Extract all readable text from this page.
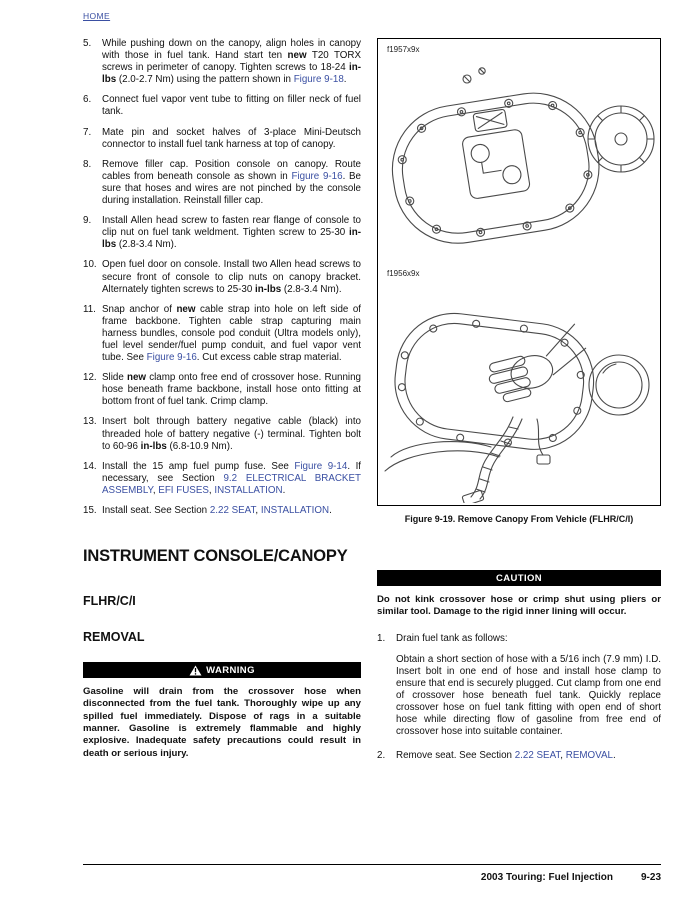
HOME
5. While pushing down on the canopy, align holes in canopy with those in fuel tank. Hand start ten new T20 TORX screws in perimeter of canopy. Tighten screws to 18-24 in-lbs (2.0-2.7 Nm) using the pattern shown in Figure 9-18.
6. Connect fuel vapor vent tube to fitting on filler neck of fuel tank.
7. Mate pin and socket halves of 3-place Mini-Deutsch connector to install fuel tank harness at top of canopy.
8. Remove filler cap. Position console on canopy. Route cables from beneath console as shown in Figure 9-16. Be sure that hoses and wires are not pinched by the console during installation. Reinstall filler cap.
9. Install Allen head screw to fasten rear flange of console to clip nut on fuel tank weldment. Tighten screw to 25-30 in-lbs (2.8-3.4 Nm).
10. Open fuel door on console. Install two Allen head screws to secure front of console to clip nuts on canopy bracket. Alternately tighten screws to 25-30 in-lbs (2.8-3.4 Nm).
11. Snap anchor of new cable strap into hole on left side of frame backbone. Tighten cable strap capturing main harness bundles, console pod conduit (Ultra models only), fuel level sender/fuel pump conduit, and fuel vapor vent tube. See Figure 9-16. Cut excess cable strap material.
12. Slide new clamp onto free end of crossover hose. Running hose beneath frame backbone, install hose onto fitting at bottom front of fuel tank. Crimp clamp.
13. Insert bolt through battery negative cable (black) into threaded hole of battery negative (-) terminal. Tighten bolt to 60-96 in-lbs (6.8-10.9 Nm).
14. Install the 15 amp fuel pump fuse. See Figure 9-14. If necessary, see Section 9.2 ELECTRICAL BRACKET ASSEMBLY, EFI FUSES, INSTALLATION.
15. Install seat. See Section 2.22 SEAT, INSTALLATION.
INSTRUMENT CONSOLE/CANOPY
FLHR/C/I
REMOVAL
WARNING

Gasoline will drain from the crossover hose when disconnected from the fuel tank. Thoroughly wipe up any spilled fuel immediately. Dispose of rags in a suitable manner. Gasoline is extremely flammable and highly explosive. Inadequate safety precautions could result in death or serious injury.

f1957x9x
f1956x9x
Figure 9-19. Remove Canopy From Vehicle (FLHR/C/I)
CAUTION

Do not kink crossover hose or crimp shut using pliers or similar tool. Damage to the rigid inner lining will occur.

1. Drain fuel tank as follows:

Obtain a short section of hose with a 5/16 inch (7.9 mm) I.D. Insert bolt in one end of hose and install hose clamp to ensure that end is securely plugged. Cut clamp from one end of crossover hose beneath fuel tank. Quickly replace crossover hose on fuel tank fitting with open end of short hose while directing flow of gasoline from free end of crossover hose into suitable container.

2. Remove seat. See Section 2.22 SEAT, REMOVAL.
2003 Touring: Fuel Injection	9-23
